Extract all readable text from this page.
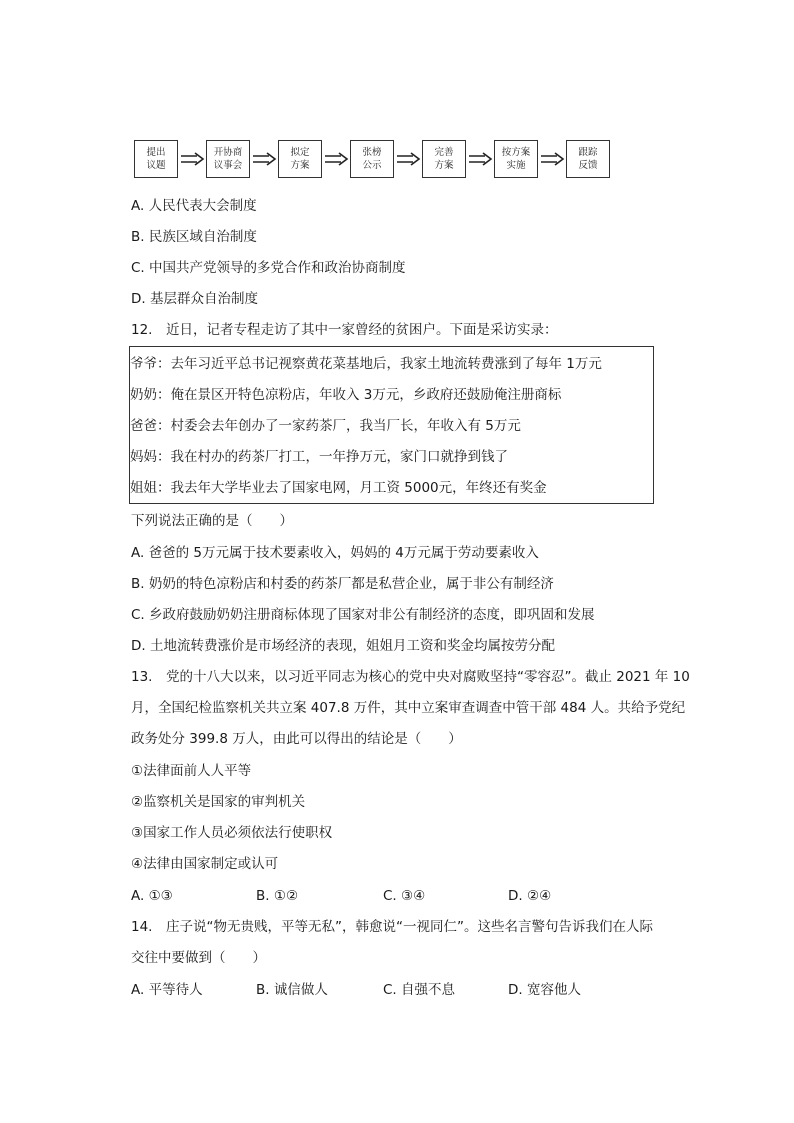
提出
议题
开协商
议事会
拟定
方案
张榜
公示
完善
方案
按方案
实施
跟踪
反馈
A. 人民代表大会制度
B. 民族区域自治制度
C. 中国共产党领导的多党合作和政治协商制度
D. 基层群众自治制度
12.　近日，记者专程走访了其中一家曾经的贫困户。下面是采访实录：
爷爷：去年习近平总书记视察黄花菜基地后，我家土地流转费涨到了每年 1万元
奶奶：俺在景区开特色凉粉店，年收入 3万元，乡政府还鼓励俺注册商标
爸爸：村委会去年创办了一家药茶厂，我当厂长，年收入有 5万元
妈妈：我在村办的药茶厂打工，一年挣万元，家门口就挣到钱了
姐姐：我去年大学毕业去了国家电网，月工资 5000元，年终还有奖金
下列说法正确的是（　　）
A. 爸爸的 5万元属于技术要素收入，妈妈的 4万元属于劳动要素收入
B. 奶奶的特色凉粉店和村委的药茶厂都是私营企业，属于非公有制经济
C. 乡政府鼓励奶奶注册商标体现了国家对非公有制经济的态度，即巩固和发展
D. 土地流转费涨价是市场经济的表现，姐姐月工资和奖金均属按劳分配
13.　党的十八大以来，以习近平同志为核心的党中央对腐败坚持“零容忍”。截止 2021 年 10
月，全国纪检监察机关共立案 407.8 万件，其中立案审查调查中管干部 484 人。共给予党纪
政务处分 399.8 万人，由此可以得出的结论是（　　）
①法律面前人人平等
②监察机关是国家的审判机关
③国家工作人员必须依法行使职权
④法律由国家制定或认可
A. ①③	B. ①②	C. ③④	D. ②④
14.　庄子说“物无贵贱，平等无私”，韩愈说“一视同仁”。这些名言警句告诉我们在人际
交往中要做到（　　）
A. 平等待人	B. 诚信做人	C. 自强不息	D. 宽容他人
